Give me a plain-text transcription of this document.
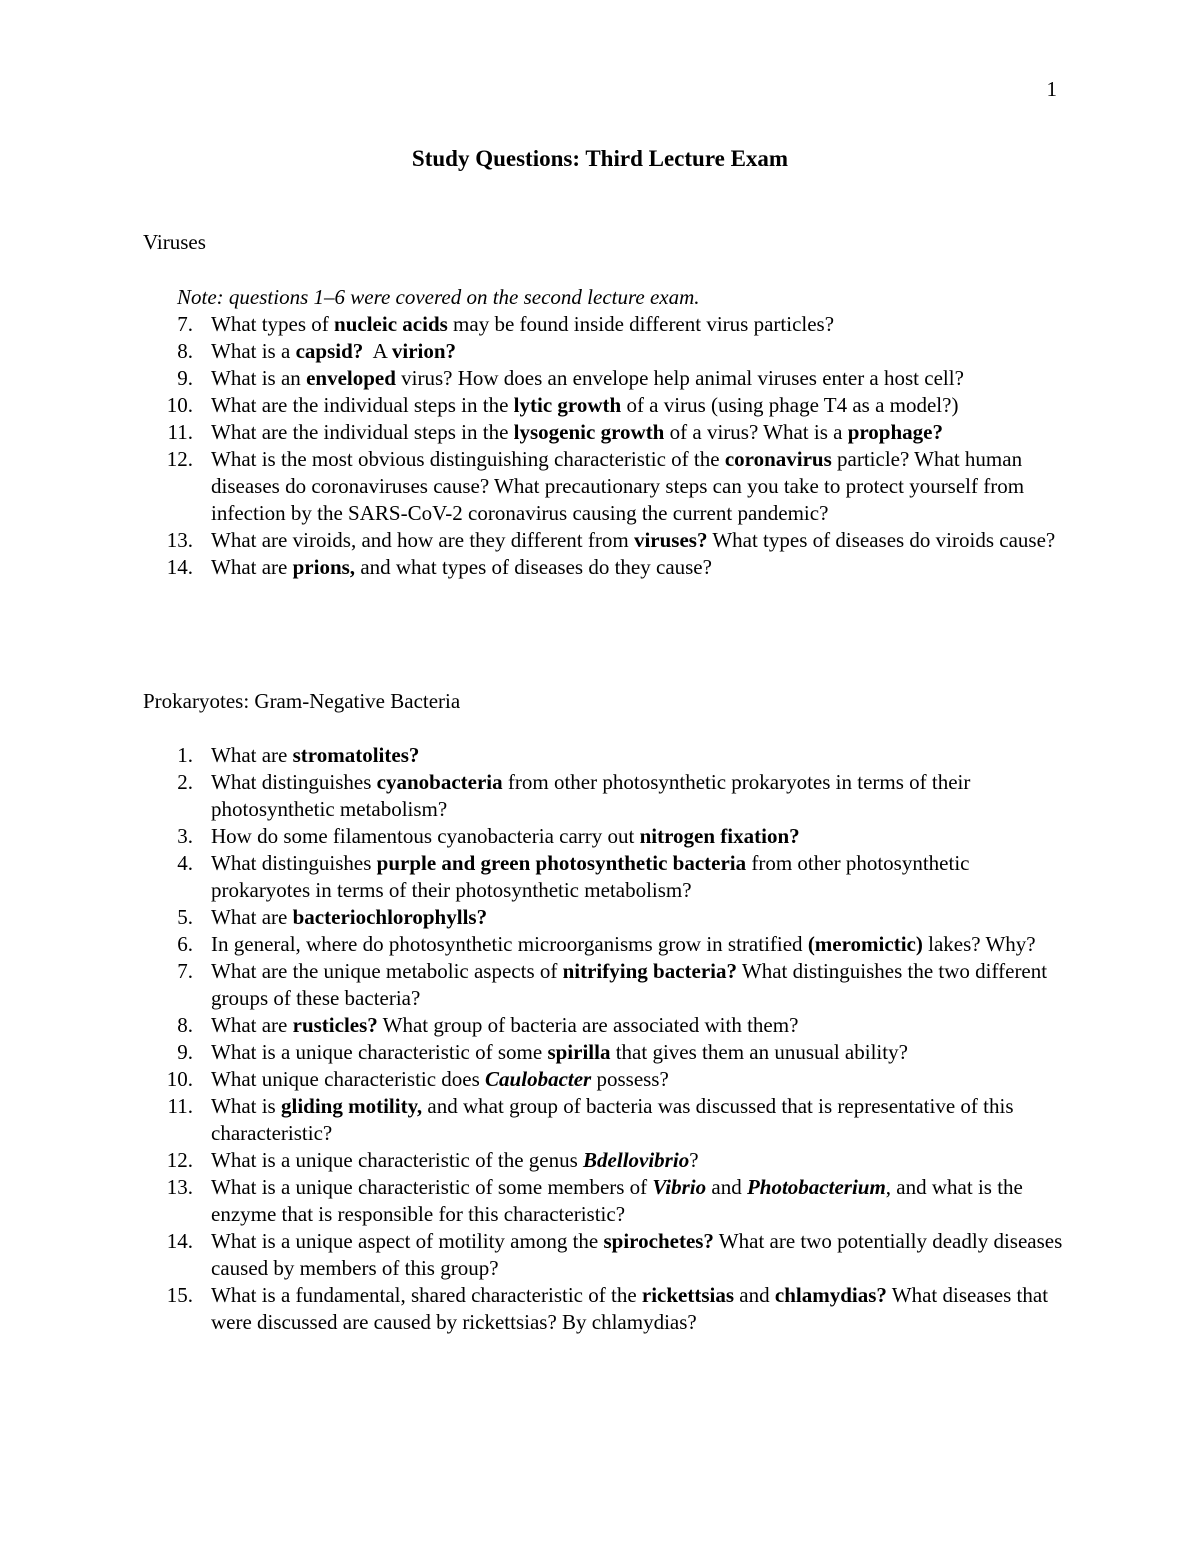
1
Study Questions: Third Lecture Exam
Viruses
Note: questions 1–6 were covered on the second lecture exam.
7. What types of nucleic acids may be found inside different virus particles?
8. What is a capsid?  A virion?
9. What is an enveloped virus? How does an envelope help animal viruses enter a host cell?
10. What are the individual steps in the lytic growth of a virus (using phage T4 as a model?)
11. What are the individual steps in the lysogenic growth of a virus? What is a prophage?
12. What is the most obvious distinguishing characteristic of the coronavirus particle? What human diseases do coronaviruses cause? What precautionary steps can you take to protect yourself from infection by the SARS-CoV-2 coronavirus causing the current pandemic?
13. What are viroids, and how are they different from viruses? What types of diseases do viroids cause?
14. What are prions, and what types of diseases do they cause?
Prokaryotes: Gram-Negative Bacteria
1. What are stromatolites?
2. What distinguishes cyanobacteria from other photosynthetic prokaryotes in terms of their photosynthetic metabolism?
3. How do some filamentous cyanobacteria carry out nitrogen fixation?
4. What distinguishes purple and green photosynthetic bacteria from other photosynthetic prokaryotes in terms of their photosynthetic metabolism?
5. What are bacteriochlorophylls?
6. In general, where do photosynthetic microorganisms grow in stratified (meromictic) lakes? Why?
7. What are the unique metabolic aspects of nitrifying bacteria? What distinguishes the two different groups of these bacteria?
8. What are rusticles? What group of bacteria are associated with them?
9. What is a unique characteristic of some spirilla that gives them an unusual ability?
10. What unique characteristic does Caulobacter possess?
11. What is gliding motility, and what group of bacteria was discussed that is representative of this characteristic?
12. What is a unique characteristic of the genus Bdellovibrio?
13. What is a unique characteristic of some members of Vibrio and Photobacterium, and what is the enzyme that is responsible for this characteristic?
14. What is a unique aspect of motility among the spirochetes? What are two potentially deadly diseases caused by members of this group?
15. What is a fundamental, shared characteristic of the rickettsias and chlamydias? What diseases that were discussed are caused by rickettsias? By chlamydias?
